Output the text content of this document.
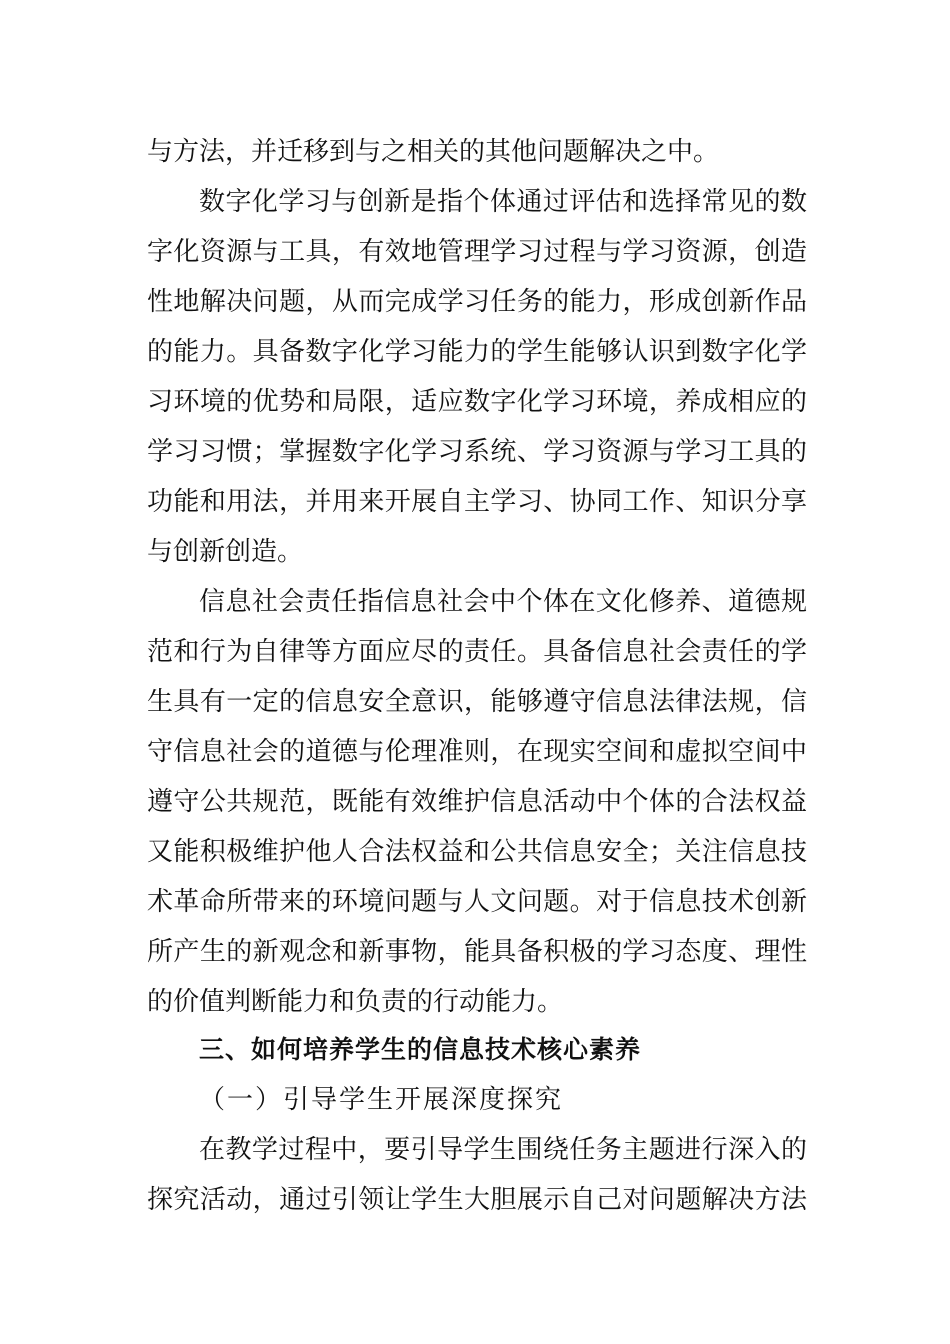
与方法，并迁移到与之相关的其他问题解决之中。
数字化学习与创新是指个体通过评估和选择常见的数
字化资源与工具，有效地管理学习过程与学习资源，创造
性地解决问题，从而完成学习任务的能力，形成创新作品
的能力。具备数字化学习能力的学生能够认识到数字化学
习环境的优势和局限，适应数字化学习环境，养成相应的
学习习惯；掌握数字化学习系统、学习资源与学习工具的
功能和用法，并用来开展自主学习、协同工作、知识分享
与创新创造。
信息社会责任指信息社会中个体在文化修养、道德规
范和行为自律等方面应尽的责任。具备信息社会责任的学
生具有一定的信息安全意识，能够遵守信息法律法规，信
守信息社会的道德与伦理准则，在现实空间和虚拟空间中
遵守公共规范，既能有效维护信息活动中个体的合法权益
又能积极维护他人合法权益和公共信息安全；关注信息技
术革命所带来的环境问题与人文问题。对于信息技术创新
所产生的新观念和新事物，能具备积极的学习态度、理性
的价值判断能力和负责的行动能力。
三、如何培养学生的信息技术核心素养
（一）引导学生开展深度探究
在教学过程中，要引导学生围绕任务主题进行深入的
探究活动，通过引领让学生大胆展示自己对问题解决方法
